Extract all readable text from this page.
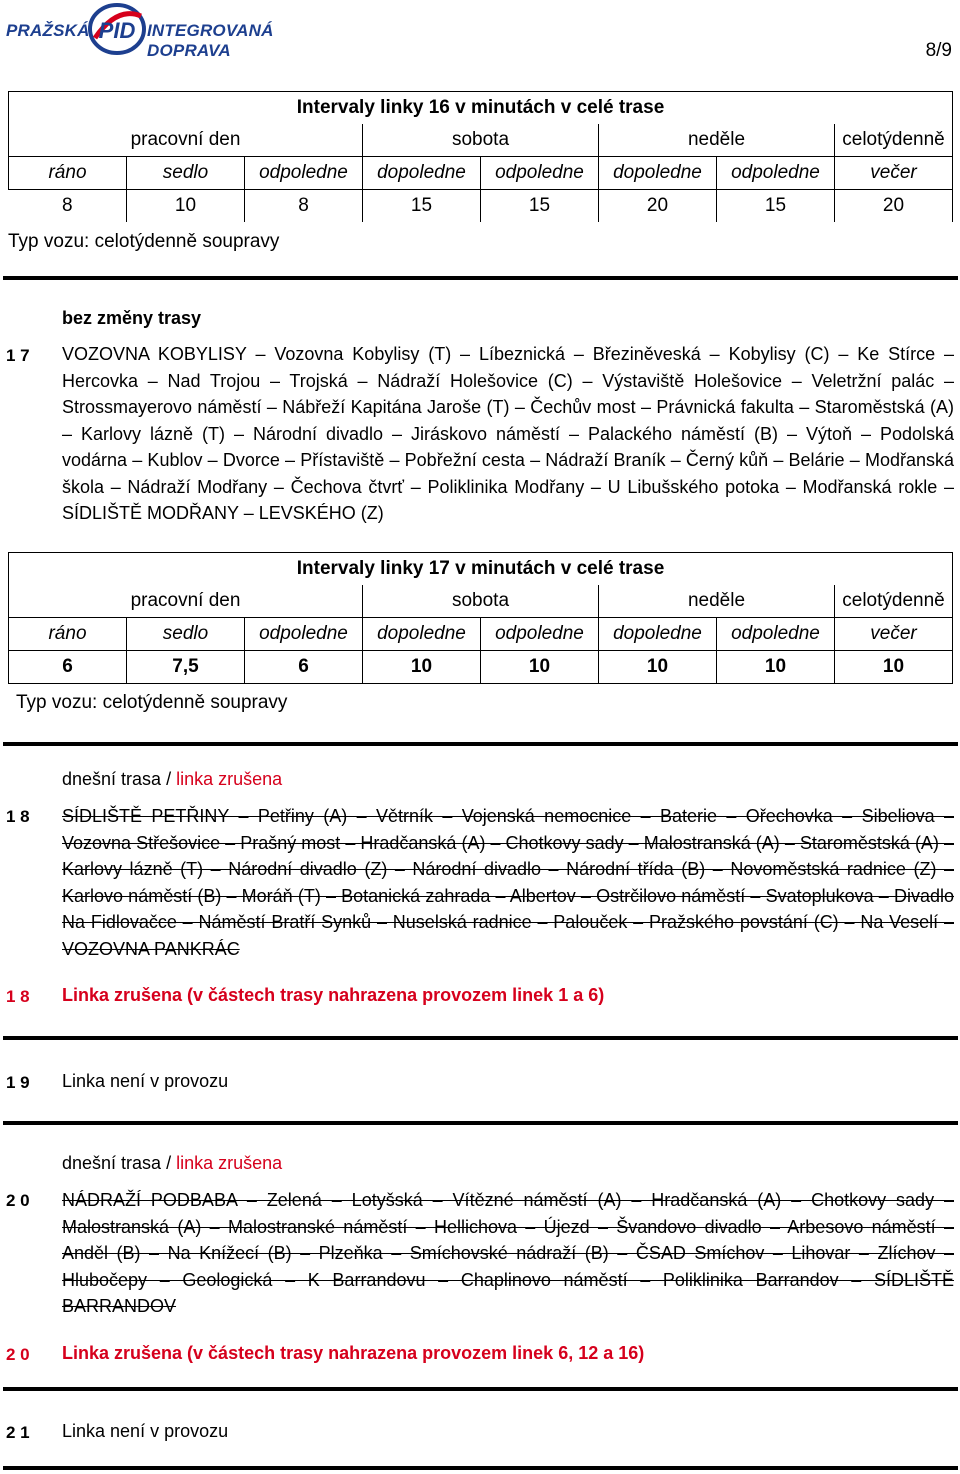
PRAŽSKÁ PID INTEGROVANÁ DOPRAVA	8/9
Intervaly linky 16 v minutách v celé trase							
pracovní den			sobota		neděle		celotýdenně
ráno	sedlo	odpoledne	dopoledne	odpoledne	dopoledne	odpoledne	večer
8	10	8	15	15	20	15	20
Typ vozu: celotýdenně soupravy
bez změny trasy
1 7 VOZOVNA KOBYLISY – Vozovna Kobylisy (T) – Líbeznická – Březiněveská – Kobylisy (C) – Ke Stírce – Hercovka – Nad Trojou – Trojská – Nádraží Holešovice (C) – Výstaviště Holešovice – Veletržní palác – Strossmayerovo náměstí – Nábřeží Kapitána Jaroše (T) – Čechův most – Právnická fakulta – Staroměstská (A) – Karlovy lázně (T) – Národní divadlo – Jiráskovo náměstí – Palackého náměstí (B) – Výtoň – Podolská vodárna – Kublov – Dvorce – Přístaviště – Pobřežní cesta – Nádraží Braník – Černý kůň – Belárie – Modřanská škola – Nádraží Modřany – Čechova čtvrť – Poliklinika Modřany – U Libušského potoka – Modřanská rokle – SÍDLIŠTĚ MODŘANY – LEVSKÉHO (Z)
Intervaly linky 17 v minutách v celé trase							
pracovní den			sobota		neděle		celotýdenně
ráno	sedlo	odpoledne	dopoledne	odpoledne	dopoledne	odpoledne	večer
6	7,5	6	10	10	10	10	10
Typ vozu: celotýdenně soupravy
dnešní trasa / linka zrušena
1 8 SÍDLIŠTĚ PETŘINY – Petřiny (A) – Větrník – Vojenská nemocnice – Baterie – Ořechovka – Sibeliova – Vozovna Střešovice – Prašný most – Hradčanská (A) – Chotkovy sady – Malostranská (A) – Staroměstská (A) – Karlovy lázně (T) – Národní divadlo (Z) – Národní divadlo – Národní třída (B) – Novoměstská radnice (Z) – Karlovo náměstí (B) – Moráň (T) – Botanická zahrada – Albertov – Ostrčilovo náměstí – Svatoplukova – Divadlo Na Fidlovačce – Náměstí Bratří Synků – Nuselská radnice – Palouček – Pražského povstání (C) – Na Veselí – VOZOVNA PANKRÁC
1 8 Linka zrušena (v částech trasy nahrazena provozem linek 1 a 6)
1 9 Linka není v provozu
dnešní trasa / linka zrušena
2 0 NÁDRAŽÍ PODBABA – Zelená – Lotyšská – Vítězné náměstí (A) – Hradčanská (A) – Chotkovy sady – Malostranská (A) – Malostranské náměstí – Hellichova – Újezd – Švandovo divadlo – Arbesovo náměstí – Anděl (B) – Na Knížecí (B) – Plzeňka – Smíchovské nádraží (B) – ČSAD Smíchov – Lihovar – Zlíchov – Hlubočepy – Geologická – K Barrandovu – Chaplinovo náměstí – Poliklinika Barrandov – SÍDLIŠTĚ BARRANDOV
2 0 Linka zrušena (v částech trasy nahrazena provozem linek 6, 12 a 16)
2 1 Linka není v provozu
